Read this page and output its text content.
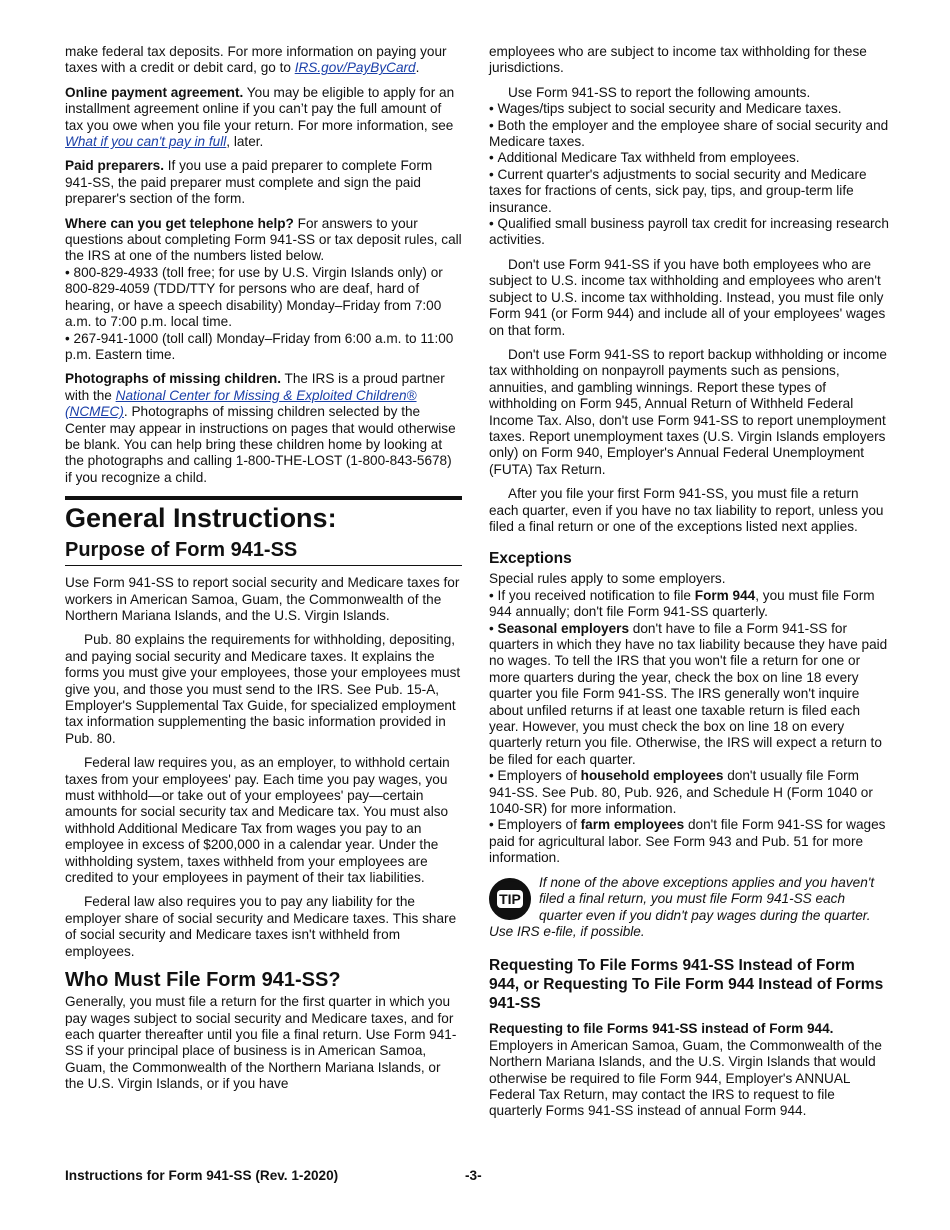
make federal tax deposits. For more information on paying your taxes with a credit or debit card, go to IRS.gov/PayByCard.

Online payment agreement. You may be eligible to apply for an installment agreement online if you can’t pay the full amount of tax you owe when you file your return. For more information, see What if you can't pay in full, later.

Paid preparers. If you use a paid preparer to complete Form 941-SS, the paid preparer must complete and sign the paid preparer's section of the form.

Where can you get telephone help? For answers to your questions about completing Form 941-SS or tax deposit rules, call the IRS at one of the numbers listed below.

• 800-829-4933 (toll free; for use by U.S. Virgin Islands only) or 800-829-4059 (TDD/TTY for persons who are deaf, hard of hearing, or have a speech disability) Monday–Friday from 7:00 a.m. to 7:00 p.m. local time.

• 267-941-1000 (toll call) Monday–Friday from 6:00 a.m. to 11:00 p.m. Eastern time.

Photographs of missing children. The IRS is a proud partner with the National Center for Missing & Exploited Children® (NCMEC). Photographs of missing children selected by the Center may appear in instructions on pages that would otherwise be blank. You can help bring these children home by looking at the photographs and calling 1-800-THE-LOST (1-800-843-5678) if you recognize a child.

General Instructions:
Purpose of Form 941-SS

Use Form 941-SS to report social security and Medicare taxes for workers in American Samoa, Guam, the Commonwealth of the Northern Mariana Islands, and the U.S. Virgin Islands.

Pub. 80 explains the requirements for withholding, depositing, and paying social security and Medicare taxes. It explains the forms you must give your employees, those your employees must give you, and those you must send to the IRS. See Pub. 15-A, Employer's Supplemental Tax Guide, for specialized employment tax information supplementing the basic information provided in Pub. 80.

Federal law requires you, as an employer, to withhold certain taxes from your employees' pay. Each time you pay wages, you must withhold—or take out of your employees' pay—certain amounts for social security tax and Medicare tax. You must also withhold Additional Medicare Tax from wages you pay to an employee in excess of $200,000 in a calendar year. Under the withholding system, taxes withheld from your employees are credited to your employees in payment of their tax liabilities.

Federal law also requires you to pay any liability for the employer share of social security and Medicare taxes. This share of social security and Medicare taxes isn't withheld from employees.

Who Must File Form 941-SS?

Generally, you must file a return for the first quarter in which you pay wages subject to social security and Medicare taxes, and for each quarter thereafter until you file a final return. Use Form 941-SS if your principal place of business is in American Samoa, Guam, the Commonwealth of the Northern Mariana Islands, or the U.S. Virgin Islands, or if you have

employees who are subject to income tax withholding for these jurisdictions.

Use Form 941-SS to report the following amounts.

• Wages/tips subject to social security and Medicare taxes.

• Both the employer and the employee share of social security and Medicare taxes.

• Additional Medicare Tax withheld from employees.

• Current quarter's adjustments to social security and Medicare taxes for fractions of cents, sick pay, tips, and group-term life insurance.

• Qualified small business payroll tax credit for increasing research activities.

Don't use Form 941-SS if you have both employees who are subject to U.S. income tax withholding and employees who aren't subject to U.S. income tax withholding. Instead, you must file only Form 941 (or Form 944) and include all of your employees' wages on that form.

Don't use Form 941-SS to report backup withholding or income tax withholding on nonpayroll payments such as pensions, annuities, and gambling winnings. Report these types of withholding on Form 945, Annual Return of Withheld Federal Income Tax. Also, don't use Form 941-SS to report unemployment taxes. Report unemployment taxes (U.S. Virgin Islands employers only) on Form 940, Employer's Annual Federal Unemployment (FUTA) Tax Return.

After you file your first Form 941-SS, you must file a return each quarter, even if you have no tax liability to report, unless you filed a final return or one of the exceptions listed next applies.

Exceptions

Special rules apply to some employers.

• If you received notification to file Form 944, you must file Form 944 annually; don't file Form 941-SS quarterly.

• Seasonal employers don't have to file a Form 941-SS for quarters in which they have no tax liability because they have paid no wages. To tell the IRS that you won't file a return for one or more quarters during the year, check the box on line 18 every quarter you file Form 941-SS. The IRS generally won't inquire about unfiled returns if at least one taxable return is filed each year. However, you must check the box on line 18 on every quarterly return you file. Otherwise, the IRS will expect a return to be filed for each quarter.

• Employers of household employees don't usually file Form 941-SS. See Pub. 80, Pub. 926, and Schedule H (Form 1040 or 1040-SR) for more information.

• Employers of farm employees don't file Form 941-SS for wages paid for agricultural labor. See Form 943 and Pub. 51 for more information.

TIP
If none of the above exceptions applies and you haven't filed a final return, you must file Form 941-SS each quarter even if you didn't pay wages during the quarter. Use IRS e-file, if possible.
Requesting To File Forms 941-SS Instead of Form 944, or Requesting To File Form 944 Instead of Forms 941-SS

Requesting to file Forms 941-SS instead of Form 944. Employers in American Samoa, Guam, the Commonwealth of the Northern Mariana Islands, and the U.S. Virgin Islands that would otherwise be required to file Form 944, Employer's ANNUAL Federal Tax Return, may contact the IRS to request to file quarterly Forms 941-SS instead of annual Form 944.

Instructions for Form 941-SS (Rev. 1-2020)	-3-
